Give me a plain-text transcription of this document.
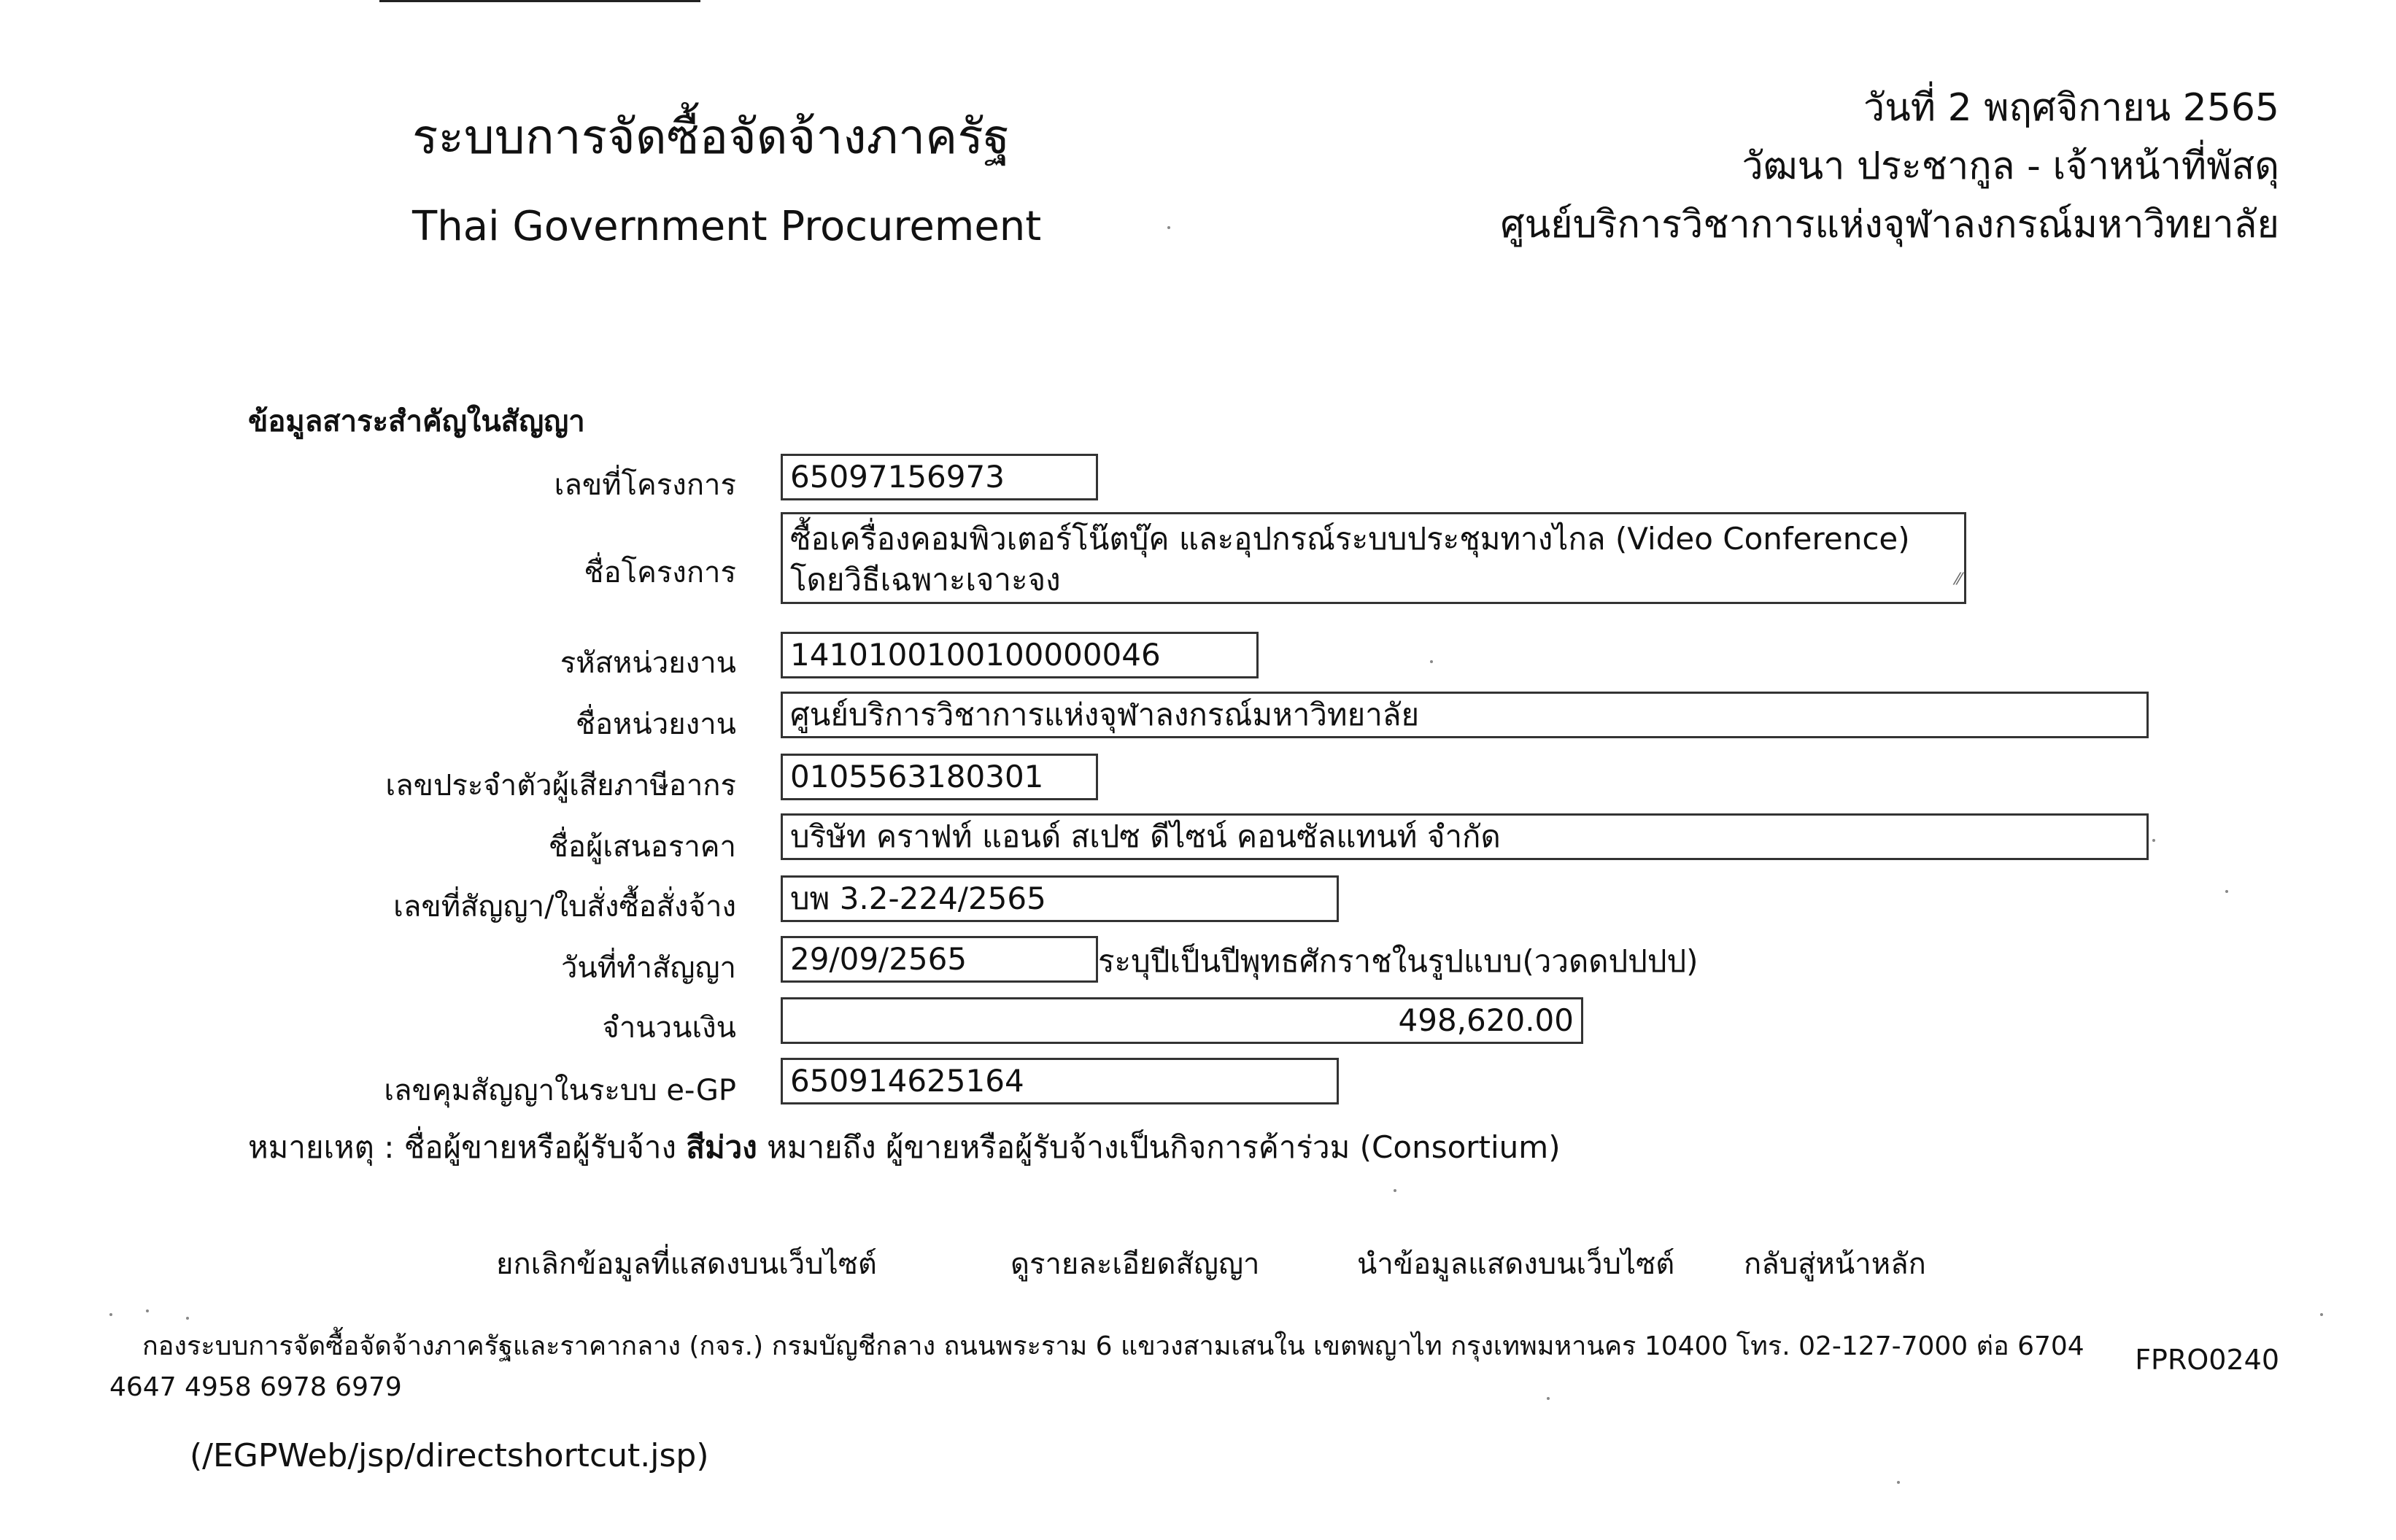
ระบบการจัดซื้อจัดจ้างภาครัฐ
Thai Government Procurement
วันที่ 2 พฤศจิกายน 2565
วัฒนา ประชากูล - เจ้าหน้าที่พัสดุ
ศูนย์บริการวิชาการแห่งจุฬาลงกรณ์มหาวิทยาลัย
ข้อมูลสาระสำคัญในสัญญา
เลขที่โครงการ	65097156973
ชื่อโครงการ
ซื้อเครื่องคอมพิวเตอร์โน๊ตบุ๊ค และอุปกรณ์ระบบประชุมทางไกล (Video Conference) โดยวิธีเฉพาะเจาะจง	⁄⁄
รหัสหน่วยงาน	1410100100100000046
ชื่อหน่วยงาน	ศูนย์บริการวิชาการแห่งจุฬาลงกรณ์มหาวิทยาลัย
เลขประจำตัวผู้เสียภาษีอากร	0105563180301
ชื่อผู้เสนอราคา	บริษัท คราฟท์ แอนด์ สเปซ ดีไซน์ คอนซัลแทนท์ จำกัด
เลขที่สัญญา/ใบสั่งซื้อสั่งจ้าง	บพ 3.2-224/2565
วันที่ทำสัญญา	29/09/2565	ระบุปีเป็นปีพุทธศักราชในรูปแบบ(ววดดปปปป)
จำนวนเงิน	498,620.00
เลขคุมสัญญาในระบบ e-GP	650914625164
หมายเหตุ : ชื่อผู้ขายหรือผู้รับจ้าง สีม่วง หมายถึง ผู้ขายหรือผู้รับจ้างเป็นกิจการค้าร่วม (Consortium)
ยกเลิกข้อมูลที่แสดงบนเว็บไซต์	ดูรายละเอียดสัญญา	นำข้อมูลแสดงบนเว็บไซต์ กลับสู่หน้าหลัก
กองระบบการจัดซื้อจัดจ้างภาครัฐและราคากลาง (กจร.) กรมบัญชีกลาง ถนนพระราม 6 แขวงสามเสนใน เขตพญาไท กรุงเทพมหานคร 10400 โทร. 02-127-7000 ต่อ 6704 4647 4958 6978 6979
FPRO0240
(/EGPWeb/jsp/directshortcut.jsp)
